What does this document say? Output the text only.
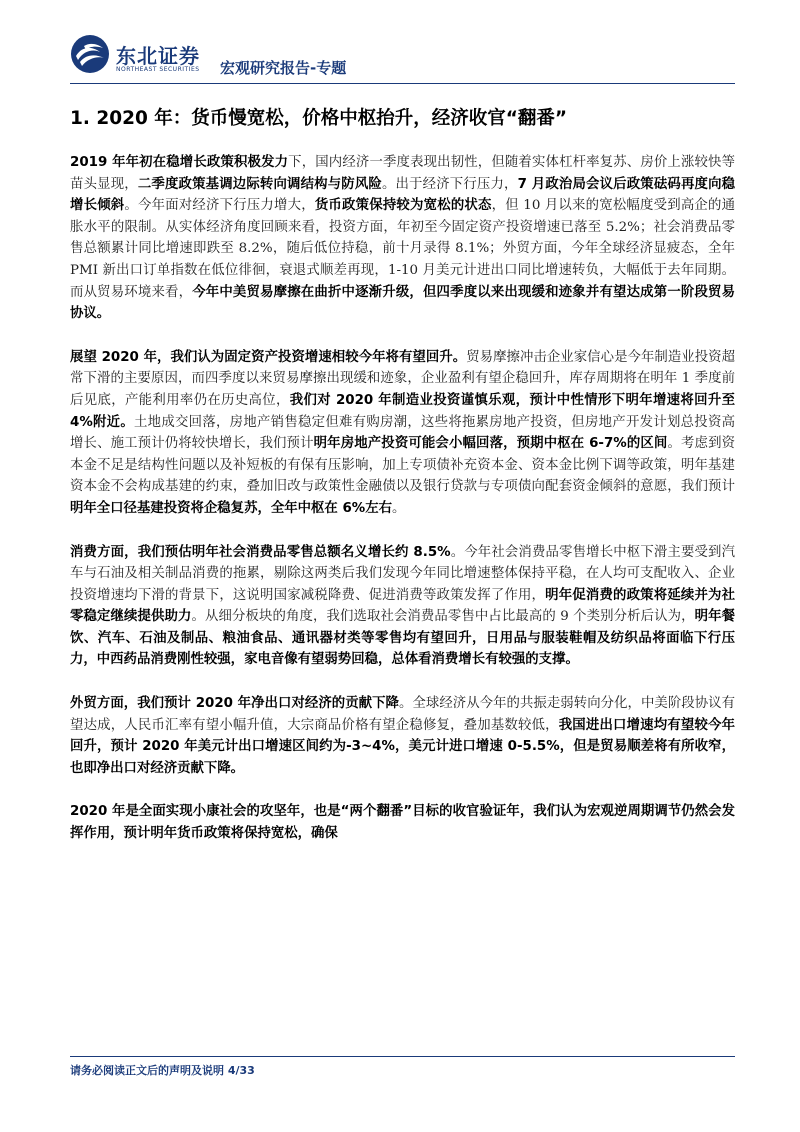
东北证券
NORTHEAST SECURITIES 宏观研究报告-专题
1. 2020 年：货币慢宽松，价格中枢抬升，经济收官“翻番”

2019 年年初在稳增长政策积极发力下，国内经济一季度表现出韧性，但随着实体杠杆率复苏、房价上涨较快等苗头显现，二季度政策基调边际转向调结构与防风险。出于经济下行压力，7 月政治局会议后政策砝码再度向稳增长倾斜。今年面对经济下行压力增大，货币政策保持较为宽松的状态，但 10 月以来的宽松幅度受到高企的通胀水平的限制。从实体经济角度回顾来看，投资方面，年初至今固定资产投资增速已落至 5.2%；社会消费品零售总额累计同比增速即跌至 8.2%，随后低位持稳，前十月录得 8.1%；外贸方面，今年全球经济显疲态，全年 PMI 新出口订单指数在低位徘徊，衰退式顺差再现，1-10 月美元计进出口同比增速转负，大幅低于去年同期。而从贸易环境来看，今年中美贸易摩擦在曲折中逐渐升级，但四季度以来出现缓和迹象并有望达成第一阶段贸易协议。

展望 2020 年，我们认为固定资产投资增速相较今年将有望回升。贸易摩擦冲击企业家信心是今年制造业投资超常下滑的主要原因，而四季度以来贸易摩擦出现缓和迹象，企业盈利有望企稳回升，库存周期将在明年 1 季度前后见底，产能利用率仍在历史高位，我们对 2020 年制造业投资谨慎乐观，预计中性情形下明年增速将回升至 4%附近。土地成交回落，房地产销售稳定但难有购房潮，这些将拖累房地产投资，但房地产开发计划总投资高增长、施工预计仍将较快增长，我们预计明年房地产投资可能会小幅回落，预期中枢在 6-7%的区间。考虑到资本金不足是结构性问题以及补短板的有保有压影响，加上专项债补充资本金、资本金比例下调等政策，明年基建资本金不会构成基建的约束，叠加旧改与政策性金融债以及银行贷款与专项债向配套资金倾斜的意愿，我们预计明年全口径基建投资将企稳复苏，全年中枢在 6%左右。

消费方面，我们预估明年社会消费品零售总额名义增长约 8.5%。今年社会消费品零售增长中枢下滑主要受到汽车与石油及相关制品消费的拖累，剔除这两类后我们发现今年同比增速整体保持平稳，在人均可支配收入、企业投资增速均下滑的背景下，这说明国家减税降费、促进消费等政策发挥了作用，明年促消费的政策将延续并为社零稳定继续提供助力。从细分板块的角度，我们选取社会消费品零售中占比最高的 9 个类别分析后认为，明年餐饮、汽车、石油及制品、粮油食品、通讯器材类等零售均有望回升，日用品与服装鞋帽及纺织品将面临下行压力，中西药品消费刚性较强，家电音像有望弱势回稳，总体看消费增长有较强的支撑。

外贸方面，我们预计 2020 年净出口对经济的贡献下降。全球经济从今年的共振走弱转向分化，中美阶段协议有望达成，人民币汇率有望小幅升值，大宗商品价格有望企稳修复，叠加基数较低，我国进出口增速均有望较今年回升，预计 2020 年美元计出口增速区间约为-3~4%，美元计进口增速 0-5.5%，但是贸易顺差将有所收窄，也即净出口对经济贡献下降。

2020 年是全面实现小康社会的攻坚年，也是“两个翻番”目标的收官验证年，我们认为宏观逆周期调节仍然会发挥作用，预计明年货币政策将保持宽松，确保

请务必阅读正文后的声明及说明 4/33
